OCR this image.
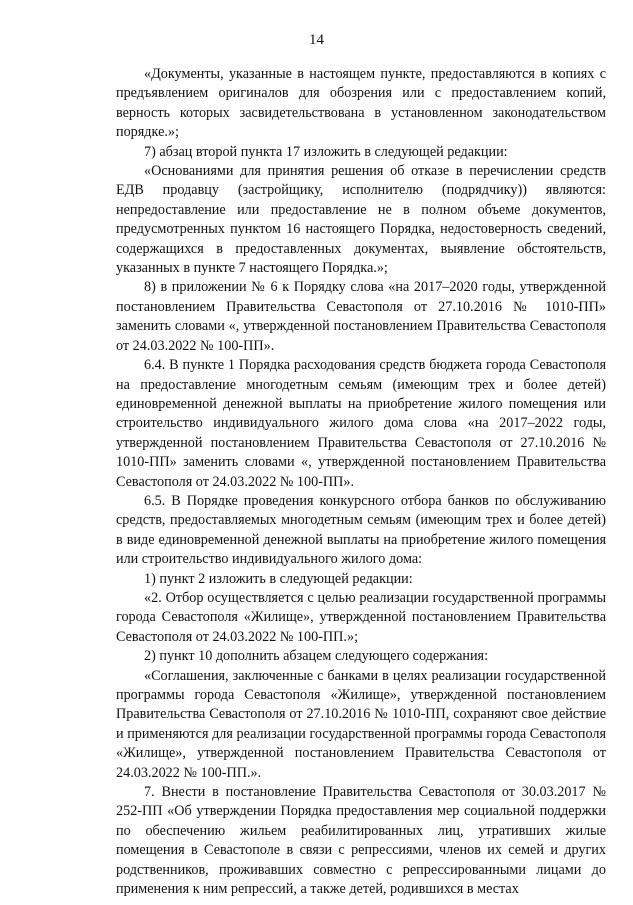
14

«Документы, указанные в настоящем пункте, предоставляются в копиях с предъявлением оригиналов для обозрения или с предоставлением копий, верность которых засвидетельствована в установленном законодательством порядке.»;

7) абзац второй пункта 17 изложить в следующей редакции:

«Основаниями для принятия решения об отказе в перечислении средств ЕДВ продавцу (застройщику, исполнителю (подрядчику)) являются: непредоставление или предоставление не в полном объеме документов, предусмотренных пунктом 16 настоящего Порядка, недостоверность сведений, содержащихся в предоставленных документах, выявление обстоятельств, указанных в пункте 7 настоящего Порядка.»;

8) в приложении № 6 к Порядку слова «на 2017–2020 годы, утвержденной постановлением Правительства Севастополя от 27.10.2016 № 1010-ПП» заменить словами «, утвержденной постановлением Правительства Севастополя от 24.03.2022 № 100-ПП».

6.4. В пункте 1 Порядка расходования средств бюджета города Севастополя на предоставление многодетным семьям (имеющим трех и более детей) единовременной денежной выплаты на приобретение жилого помещения или строительство индивидуального жилого дома слова «на 2017–2022 годы, утвержденной постановлением Правительства Севастополя от 27.10.2016 № 1010-ПП» заменить словами «, утвержденной постановлением Правительства Севастополя от 24.03.2022 № 100-ПП».

6.5. В Порядке проведения конкурсного отбора банков по обслуживанию средств, предоставляемых многодетным семьям (имеющим трех и более детей) в виде единовременной денежной выплаты на приобретение жилого помещения или строительство индивидуального жилого дома:

1) пункт 2 изложить в следующей редакции:

«2. Отбор осуществляется с целью реализации государственной программы города Севастополя «Жилище», утвержденной постановлением Правительства Севастополя от 24.03.2022 № 100-ПП.»;

2) пункт 10 дополнить абзацем следующего содержания:

«Соглашения, заключенные с банками в целях реализации государственной программы города Севастополя «Жилище», утвержденной постановлением Правительства Севастополя от 27.10.2016 № 1010-ПП, сохраняют свое действие и применяются для реализации государственной программы города Севастополя «Жилище», утвержденной постановлением Правительства Севастополя от 24.03.2022 № 100-ПП.».

7. Внести в постановление Правительства Севастополя от 30.03.2017 № 252-ПП «Об утверждении Порядка предоставления мер социальной поддержки по обеспечению жильем реабилитированных лиц, утративших жилые помещения в Севастополе в связи с репрессиями, членов их семей и других родственников, проживавших совместно с репрессированными лицами до применения к ним репрессий, а также детей, родившихся в местах
